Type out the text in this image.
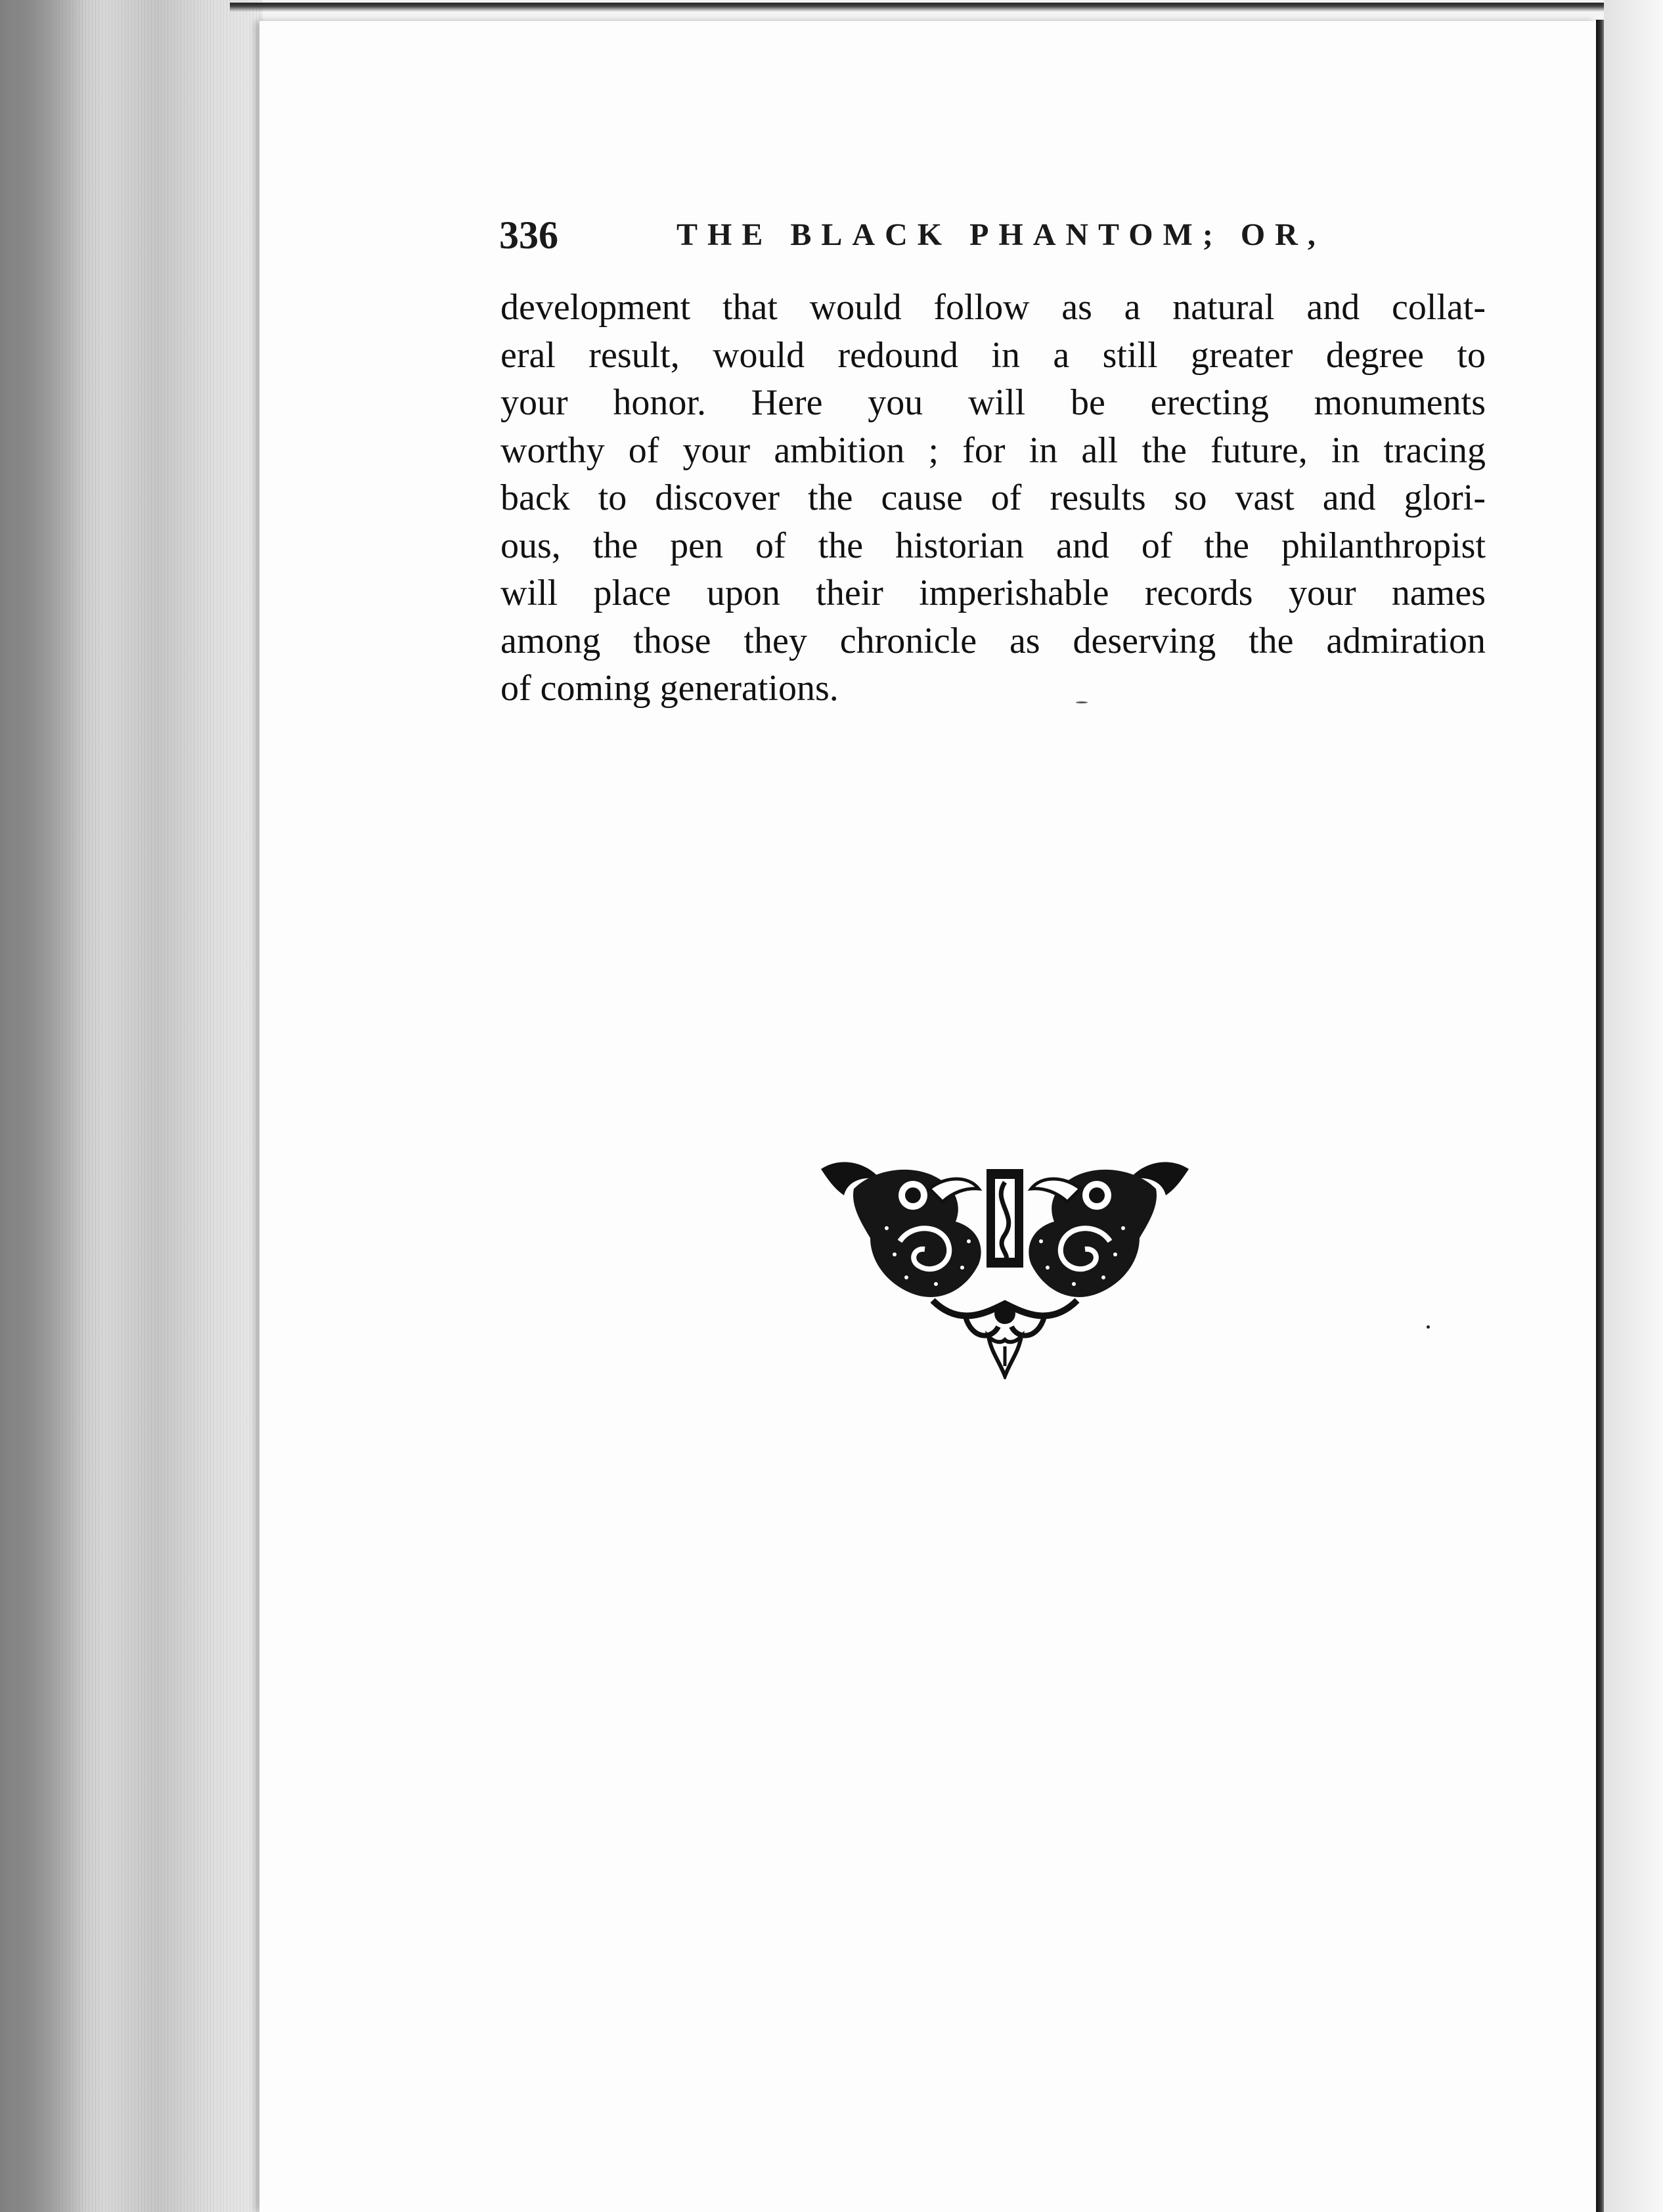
336	THE BLACK PHANTOM; OR,
development that would follow as a natural and collat-
eral result, would redound in a still greater degree to
your honor. Here you will be erecting monuments
worthy of your ambition ; for in all the future, in tracing
back to discover the cause of results so vast and glori-
ous, the pen of the historian and of the philanthropist
will place upon their imperishable records your names
among those they chronicle as deserving the admiration
of coming generations.
